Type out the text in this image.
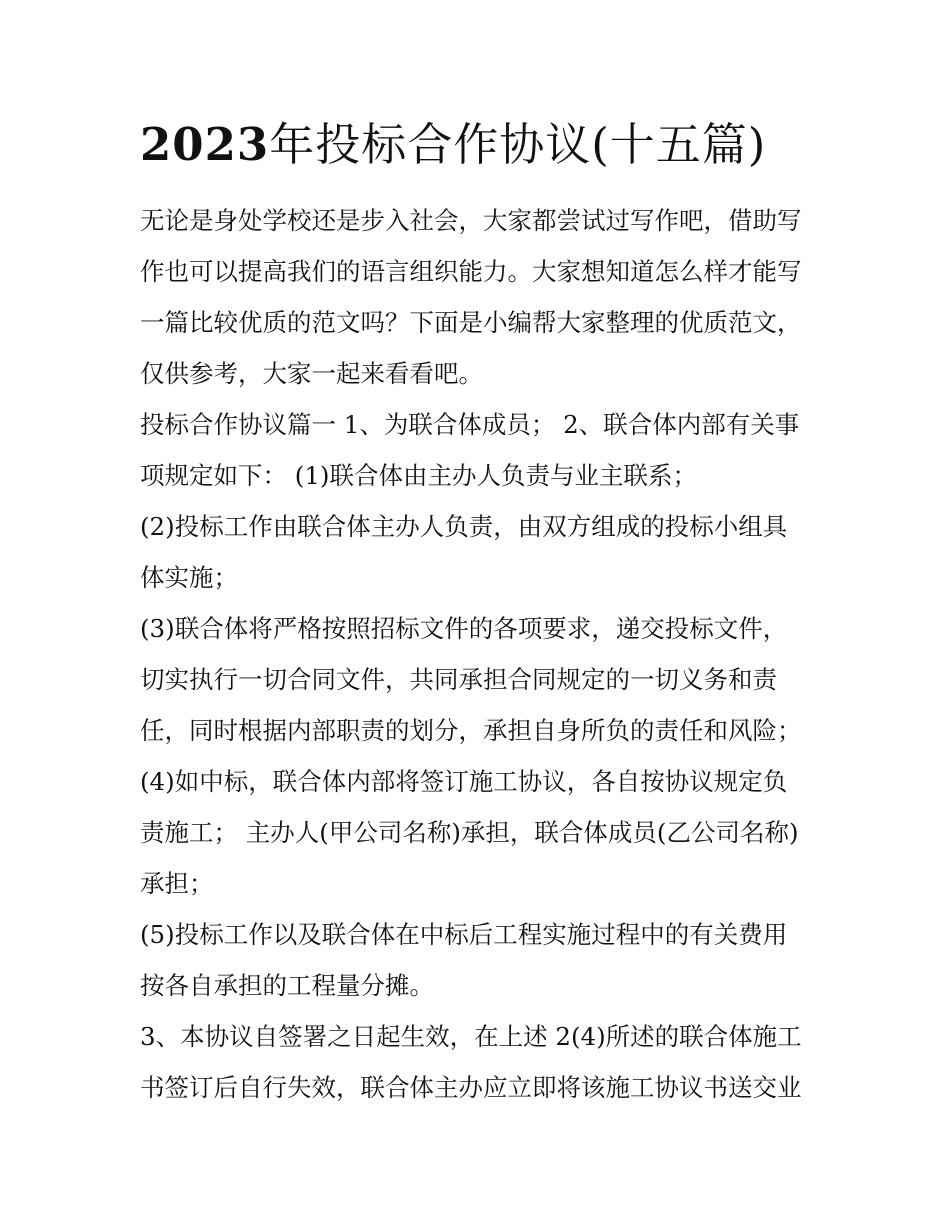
2023年投标合作协议(十五篇)

无论是身处学校还是步入社会，大家都尝试过写作吧，借助写

作也可以提高我们的语言组织能力。大家想知道怎么样才能写

一篇比较优质的范文吗？下面是小编帮大家整理的优质范文，

仅供参考，大家一起来看看吧。

投标合作协议篇一 1、为联合体成员； 2、联合体内部有关事

项规定如下： (1)联合体由主办人负责与业主联系；

(2)投标工作由联合体主办人负责，由双方组成的投标小组具

体实施；

(3)联合体将严格按照招标文件的各项要求，递交投标文件，

切实执行一切合同文件，共同承担合同规定的一切义务和责

任，同时根据内部职责的划分，承担自身所负的责任和风险；

(4)如中标，联合体内部将签订施工协议，各自按协议规定负

责施工； 主办人(甲公司名称)承担，联合体成员(乙公司名称)

承担；

(5)投标工作以及联合体在中标后工程实施过程中的有关费用

按各自承担的工程量分摊。

3、本协议自签署之日起生效，在上述 2(4)所述的联合体施工

书签订后自行失效，联合体主办应立即将该施工协议书送交业
